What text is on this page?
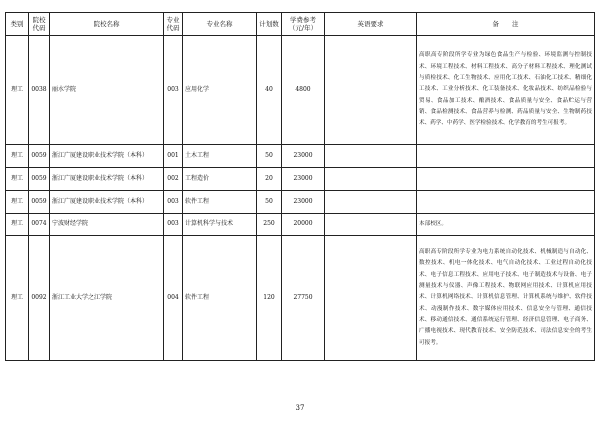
类别	院校代码	院校名称	专业代码	专业名称	计划数	学费参考（元/年）	英语要求	备　　注
理工	0038	丽水学院	003	应用化学	40	4800		高职高专阶段所学专业为绿色食品生产与检验、环境监测与控制技术、环境工程技术、材料工程技术、高分子材料工程技术、理化测试与质检技术、化工生物技术、应用化工技术、石油化工技术、精细化工技术、工业分析技术、化工装备技术、化妆品技术、纺织品检验与贸易、食品加工技术、酿酒技术、食品质量与安全、食品贮运与营销、食品检测技术、食品营养与检测、药品质量与安全、生物制药技术、药学、中药学、医学检验技术、化学教育的考生可报考。
理工	0059	浙江广厦建设职业技术学院（本科）	001	土木工程	50	23000		
理工	0059	浙江广厦建设职业技术学院（本科）	002	工程造价	20	23000		
理工	0059	浙江广厦建设职业技术学院（本科）	003	软件工程	50	23000		
理工	0074	宁波财经学院	003	计算机科学与技术	250	20000		本部校区。
理工	0092	浙江工业大学之江学院	004	软件工程	120	27750		高职高专阶段所学专业为电力系统自动化技术、机械制造与自动化、数控技术、机电一体化技术、电气自动化技术、工业过程自动化技术、电子信息工程技术、应用电子技术、电子制造技术与设备、电子测量技术与仪器、声像工程技术、物联网应用技术、计算机应用技术、计算机网络技术、计算机信息管理、计算机系统与维护、软件技术、动漫制作技术、数字媒体应用技术、信息安全与管理、通信技术、移动通信技术、通信系统运行管理、经济信息管理、电子商务、广播电视技术、现代教育技术、安全防范技术、司法信息安全的考生可报考。
37
